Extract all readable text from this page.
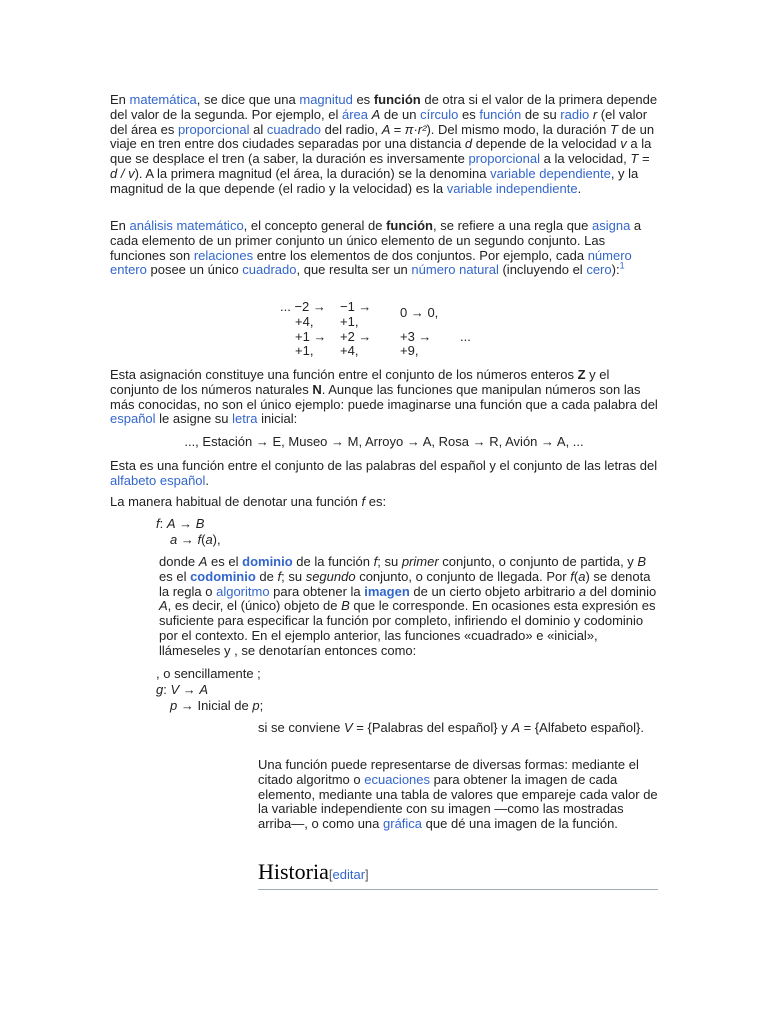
En matemática, se dice que una magnitud es función de otra si el valor de la primera depende del valor de la segunda. Por ejemplo, el área A de un círculo es función de su radio r (el valor del área es proporcional al cuadrado del radio, A = π·r²). Del mismo modo, la duración T de un viaje en tren entre dos ciudades separadas por una distancia d depende de la velocidad v a la que se desplace el tren (a saber, la duración es inversamente proporcional a la velocidad, T = d / v). A la primera magnitud (el área, la duración) se la denomina variable dependiente, y la magnitud de la que depende (el radio y la velocidad) es la variable independiente.

En análisis matemático, el concepto general de función, se refiere a una regla que asigna a cada elemento de un primer conjunto un único elemento de un segundo conjunto. Las funciones son relaciones entre los elementos de dos conjuntos. Por ejemplo, cada número entero posee un único cuadrado, que resulta ser un número natural (incluyendo el cero):$^1$

... −2 →	−1 →	0 → 0,	
+4,	+1,		
+1 →	+2 →	+3 →	...
+1,	+4,	+9,	

Esta asignación constituye una función entre el conjunto de los números enteros Z y el conjunto de los números naturales N. Aunque las funciones que manipulan números son las más conocidas, no son el único ejemplo: puede imaginarse una función que a cada palabra del español le asigne su letra inicial:

..., Estación → E, Museo → M, Arroyo → A, Rosa → R, Avión → A, ...

Esta es una función entre el conjunto de las palabras del español y el conjunto de las letras del alfabeto español.

La manera habitual de denotar una función f es:

f: A → B
a → f(a),

donde A es el dominio de la función f; su primer conjunto, o conjunto de partida, y B es el codominio de f; su segundo conjunto, o conjunto de llegada. Por f(a) se denota la regla o algoritmo para obtener la imagen de un cierto objeto arbitrario a del dominio A, es decir, el (único) objeto de B que le corresponde. En ocasiones esta expresión es suficiente para especificar la función por completo, infiriendo el dominio y codominio por el contexto. En el ejemplo anterior, las funciones «cuadrado» e «inicial», llámeseles y , se denotarían entonces como:

, o sencillamente ;
g: V → A
p → Inicial de p;

si se conviene V = {Palabras del español} y A = {Alfabeto español}.

Una función puede representarse de diversas formas: mediante el citado algoritmo o ecuaciones para obtener la imagen de cada elemento, mediante una tabla de valores que empareje cada valor de la variable independiente con su imagen —como las mostradas arriba—, o como una gráfica que dé una imagen de la función.

Historia[editar]
